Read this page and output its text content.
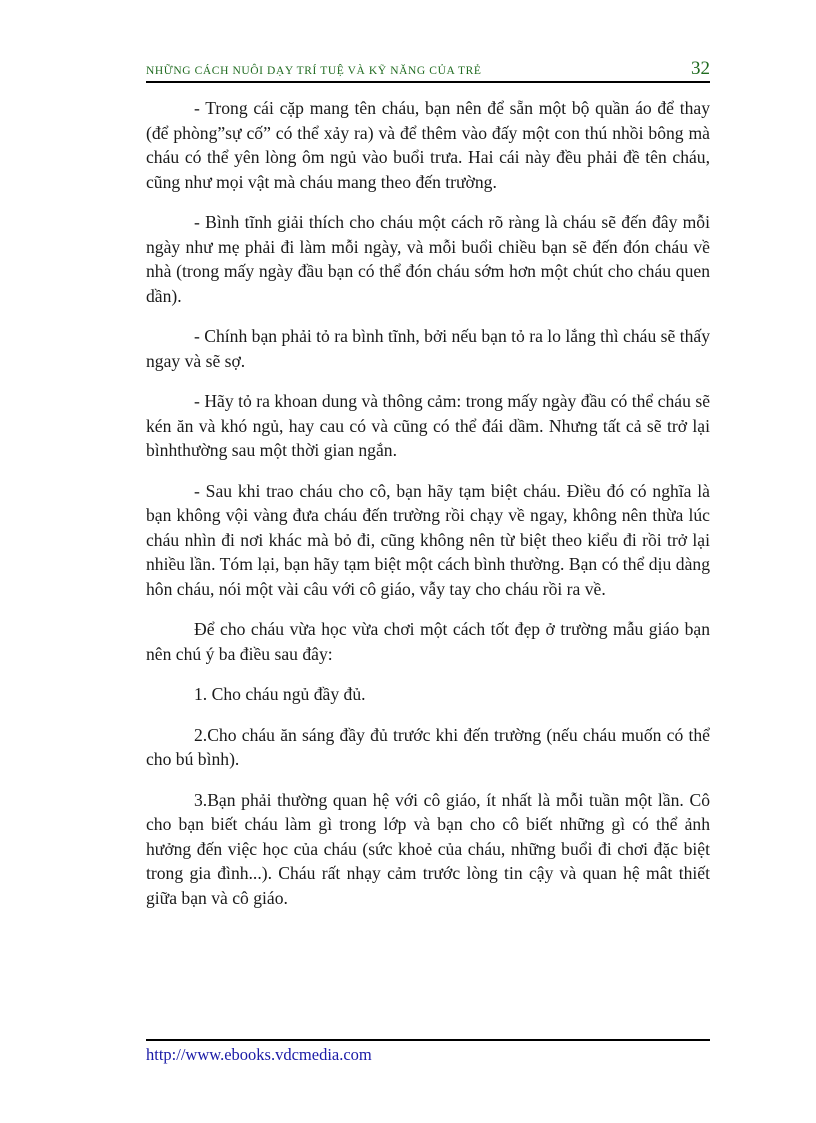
NHỮNG CÁCH NUÔI DẠY TRÍ TUỆ VÀ KỸ NĂNG CỦA TRẺ	32

- Trong cái cặp mang tên cháu, bạn nên để sẵn một bộ quần áo để thay (để phòng”sự cố” có thể xảy ra) và để thêm vào đấy một con thú nhồi bông mà cháu có thể yên lòng ôm ngủ vào buổi trưa. Hai cái này đều phải đề tên cháu, cũng như mọi vật mà cháu mang theo đến trường.

- Bình tĩnh giải thích cho cháu một cách rõ ràng là cháu sẽ đến đây mỗi ngày như mẹ phải đi làm mỗi ngày, và mỗi buổi chiều bạn sẽ đến đón cháu về nhà (trong mấy ngày đầu bạn có thể đón cháu sớm hơn một chút cho cháu quen dần).

- Chính bạn phải tỏ ra bình tĩnh, bởi nếu bạn tỏ ra lo lắng thì cháu sẽ thấy ngay và sẽ sợ.

- Hãy tỏ ra khoan dung và thông cảm: trong mấy ngày đầu có thể cháu sẽ kén ăn và khó ngủ, hay cau có và cũng có thể đái dầm. Nhưng tất cả sẽ trở lại bìnhthường sau một thời gian ngắn.

- Sau khi trao cháu cho cô, bạn hãy tạm biệt cháu. Điều đó có nghĩa là bạn không vội vàng đưa cháu đến trường rồi chạy về ngay, không nên thừa lúc cháu nhìn đi nơi khác mà bỏ đi, cũng không nên từ biệt theo kiểu đi rồi trở lại nhiều lần. Tóm lại, bạn hãy tạm biệt một cách bình thường. Bạn có thể dịu dàng hôn cháu, nói một vài câu với cô giáo, vẫy tay cho cháu rồi ra về.

Để cho cháu vừa học vừa chơi một cách tốt đẹp ở trường mẫu giáo bạn nên chú ý ba điều sau đây:

1. Cho cháu ngủ đầy đủ.

2.Cho cháu ăn sáng đầy đủ trước khi đến trường (nếu cháu muốn có thể cho bú bình).

3.Bạn phải thường quan hệ với cô giáo, ít nhất là mỗi tuần một lần. Cô cho bạn biết cháu làm gì trong lớp và bạn cho cô biết những gì có thể ảnh hưởng đến việc học của cháu (sức khoẻ của cháu, những buổi đi chơi đặc biệt trong gia đình...). Cháu rất nhạy cảm trước lòng tin cậy và quan hệ mât thiết giữa bạn và cô giáo.

http://www.ebooks.vdcmedia.com
